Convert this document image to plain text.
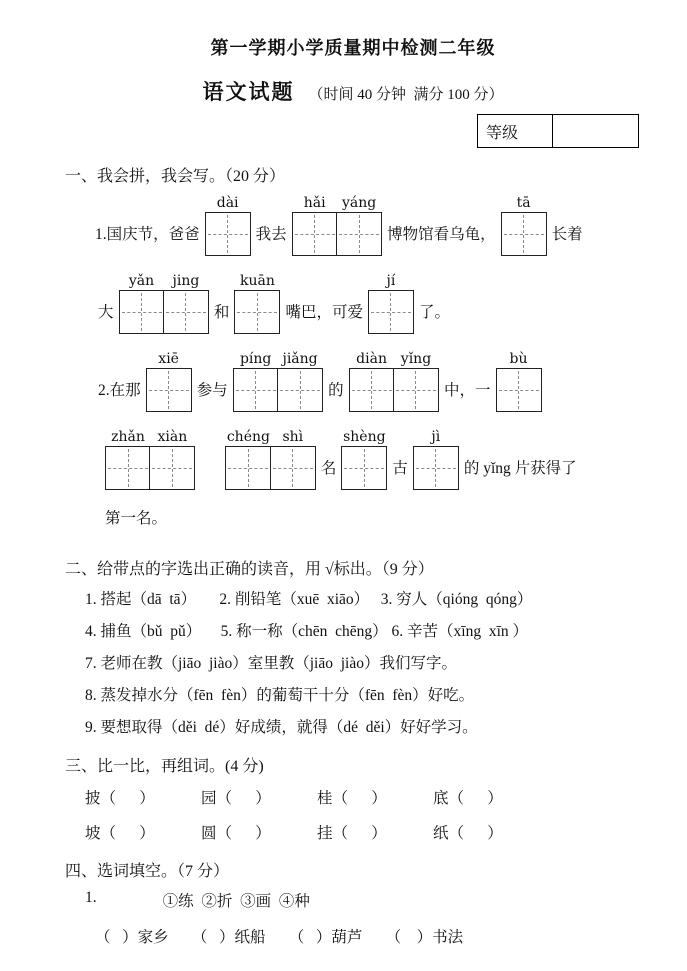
第一学期小学质量期中检测二年级
语文试题 （时间 40 分钟  满分 100 分）
等级
一、我会拼，我会写。（20 分）
1.国庆节，爸爸
dài
我去
hǎi yáng
博物馆看乌龟，
tā
长着
大
yǎn jing
和
kuān
嘴巴，可爱
jí
了。
2.在那
xiē
参与
píng jiǎng
的
diàn yǐng
中，一
bù
zhǎn xiàn	chéng shì
名
shèng
古
jì
的 yǐng 片获得了
第一名。
二、给带点的字选出正确的读音，用 √标出。（9 分）
1. 搭起（dā  tā）      2. 削铅笔（xuē  xiāo）   3. 穷人（qióng  qóng）
4. 捕鱼（bǔ  pǔ）     5. 称一称（chēn  chēng） 6. 辛苦（xīng  xīn ）
7. 老师在教（jiāo  jiào）室里教（jiāo  jiào）我们写字。
8. 蒸发掉水分（fēn  fèn）的葡萄干十分（fēn  fèn）好吃。
9. 要想取得（děi  dé）好成绩，就得（dé  děi）好好学习。
三、比一比，再组词。(4 分)
披（      ）	园（      ）	桂（      ）	底（      ）
坡（      ）	圆（      ）	挂（      ）	纸（      ）
四、选词填空。（7 分）
1.	①练  ②折  ③画  ④种
（   ）家乡      （   ）纸船      （   ）葫芦      （    ）书法
